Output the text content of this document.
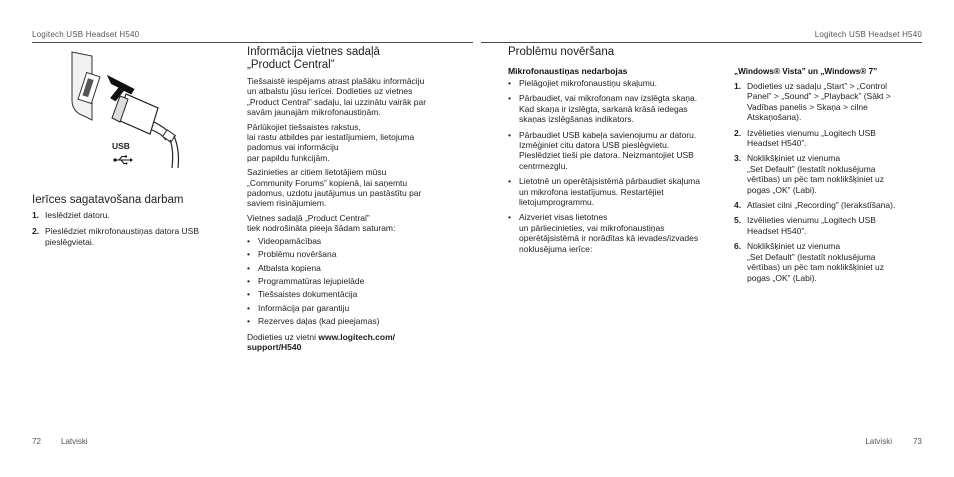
Logitech USB Headset H540	Logitech USB Headset H540
USB
Ierīces sagatavošana darbam
1. Ieslēdziet datoru.
2. Pieslēdziet mikrofonaustiņas datora USB pieslēgvietai.
Informācija vietnes sadaļā
„Product Central”

Tiešsaistē iespējams atrast plašāku informāciju un atbalstu jūsu ierīcei. Dodieties uz vietnes „Product Central” sadaļu, lai uzzinātu vairāk par savām jaunajām mikrofonaustiņām.

Pārlūkojiet tiešsaistes rakstus,
lai rastu atbildes par iestatījumiem, lietojuma padomus vai informāciju
par papildu funkcijām.

Sazinieties ar citiem lietotājiem mūsu „Community Forums” kopienā, lai saņemtu padomus, uzdotu jautājumus un pastāstītu par saviem risinājumiem.

Vietnes sadaļā „Product Central”
tiek nodrošināta pieeja šādam saturam:

• Videopamācības
• Problēmu novēršana
• Atbalsta kopiena
• Programmatūras lejupielāde
• Tiešsaistes dokumentācija
• Informācija par garantiju
• Rezerves daļas (kad pieejamas)

Dodieties uz vietni www.logitech.com/
support/H540

Problēmu novēršana
Mikrofonaustiņas nedarbojas
• Pielāgojiet mikrofonaustiņu skaļumu.
• Pārbaudiet, vai mikrofonam nav izslēgta skaņa. Kad skaņa ir izslēgta, sarkanā krāsā iedegas skaņas izslēgšanas indikators.
• Pārbaudiet USB kabeļa savienojumu ar datoru. Izmēģiniet citu datora USB pieslēgvietu. Pieslēdziet tieši pie datora. Neizmantojiet USB centrmezglu.
• Lietotnē un operētājsistēmā pārbaudiet skaļuma un mikrofona iestatījumus. Restartējiet lietojumprogrammu.
• Aizveriet visas lietotnes
un pārliecinieties, vai mikrofonaustiņas operētājsistēmā ir norādītas kā ievades/izvades noklusējuma ierīce:
„Windows® Vista” un „Windows® 7”
1. Dodieties uz sadaļu „Start” > „Control Panel” > „Sound” > „Playback” (Sākt > Vadības panelis > Skaņa > cilne Atskaņošana).
2. Izvēlieties vienumu „Logitech USB Headset H540”.
3. Noklikšķiniet uz vienuma
„Set Default” (Iestatīt noklusējuma vērtības) un pēc tam noklikšķiniet uz pogas „OK” (Labi).
4. Atlasiet cilni „Recording” (Ierakstīšana).
5. Izvēlieties vienumu „Logitech USB Headset H540”.
6. Noklikšķiniet uz vienuma
„Set Default” (Iestatīt noklusējuma vērtības) un pēc tam noklikšķiniet uz pogas „OK” (Labi).
72	Latviski	Latviski	73
